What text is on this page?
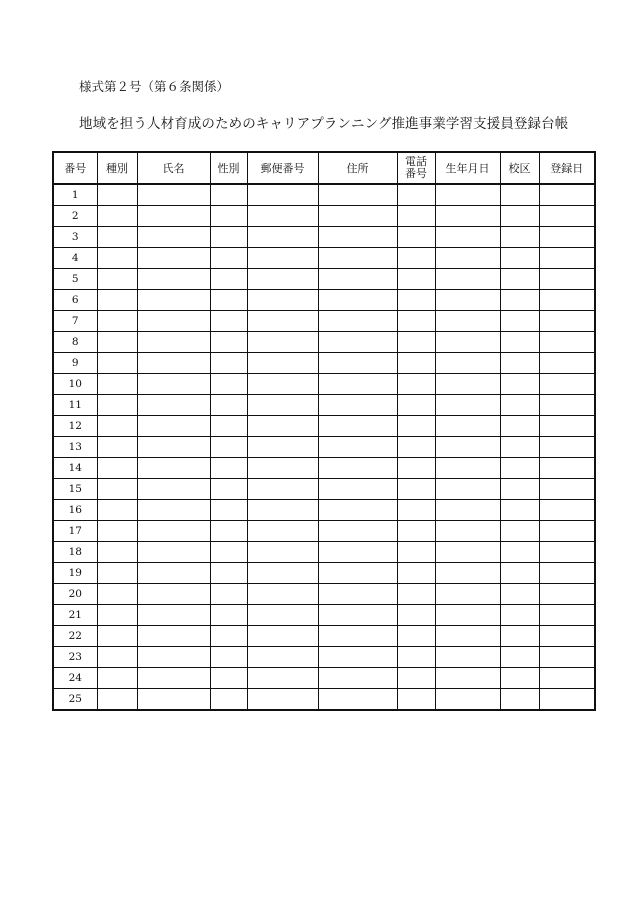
様式第２号（第６条関係）
地域を担う人材育成のためのキャリアプランニング推進事業学習支援員登録台帳
番号	種別	氏名	性別	郵便番号	住所	電話番号	生年月日	校区	登録日
1									
2									
3									
4									
5									
6									
7									
8									
9									
10									
11									
12									
13									
14									
15									
16									
17									
18									
19									
20									
21									
22									
23									
24									
25									
